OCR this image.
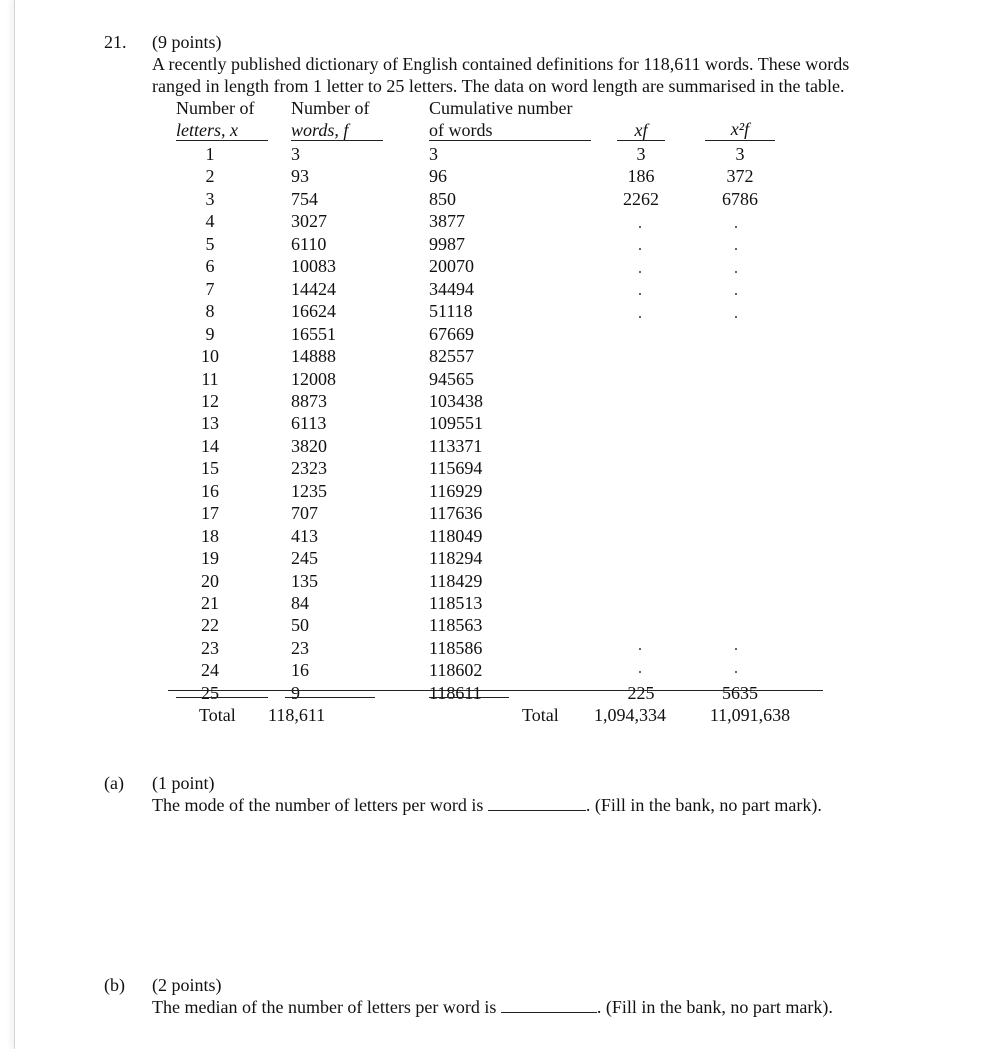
21. (9 points)
A recently published dictionary of English contained definitions for 118,611 words. These words
ranged in length from 1 letter to 25 letters. The data on word length are summarised in the table.
Number of
letters, x
Number of
words, f
Cumulative number
of words	xf	x²f
1	3	3	3	3
2	93	96	186	372
3	754	850	2262	6786
4	3027	3877
5	6110	9987
6	10083	20070
7	14424	34494
8	16624	51118
9	16551	67669
10	14888	82557
11	12008	94565
12	8873	103438
13	6113	109551
14	3820	113371
15	2323	115694
16	1235	116929
17	707	117636
18	413	118049
19	245	118294
20	135	118429
21	84	118513
22	50	118563
23	23	118586
24	16	118602
25	9	118611	225	5635
Total 118,611	Total 1,094,334 11,091,638
(a) (1 point)
The mode of the number of letters per word is	. (Fill in the bank, no part mark).
(b) (2 points)
The median of the number of letters per word is	. (Fill in the bank, no part mark).
